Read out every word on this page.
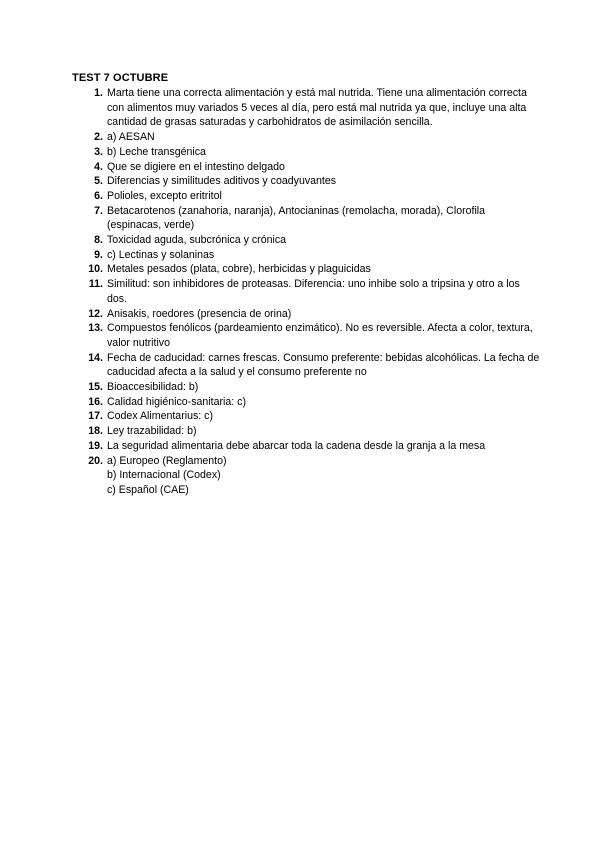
TEST 7 OCTUBRE
1. Marta tiene una correcta alimentación y está mal nutrida. Tiene una alimentación correcta con alimentos muy variados 5 veces al día, pero está mal nutrida ya que, incluye una alta cantidad de grasas saturadas y carbohidratos de asimilación sencilla.
2. a) AESAN
3. b) Leche transgénica
4. Que se digiere en el intestino delgado
5. Diferencias y similitudes aditivos y coadyuvantes
6. Polioles, excepto eritritol
7. Betacarotenos (zanahoria, naranja), Antocianinas (remolacha, morada), Clorofila (espinacas, verde)
8. Toxicidad aguda, subcrónica y crónica
9. c) Lectinas y solaninas
10. Metales pesados (plata, cobre), herbicidas y plaguicidas
11. Similitud: son inhibidores de proteasas. Diferencia: uno inhibe solo a tripsina y otro a los dos.
12. Anisakis, roedores (presencia de orina)
13. Compuestos fenólicos (pardeamiento enzimático). No es reversible. Afecta a color, textura, valor nutritivo
14. Fecha de caducidad: carnes frescas. Consumo preferente: bebidas alcohólicas. La fecha de caducidad afecta a la salud y el consumo preferente no
15. Bioaccesibilidad: b)
16. Calidad higiénico-sanitaria: c)
17. Codex Alimentarius: c)
18. Ley trazabilidad: b)
19. La seguridad alimentaria debe abarcar toda la cadena desde la granja a la mesa
20. a) Europeo (Reglamento)
b) Internacional (Codex)
c) Español (CAE)
